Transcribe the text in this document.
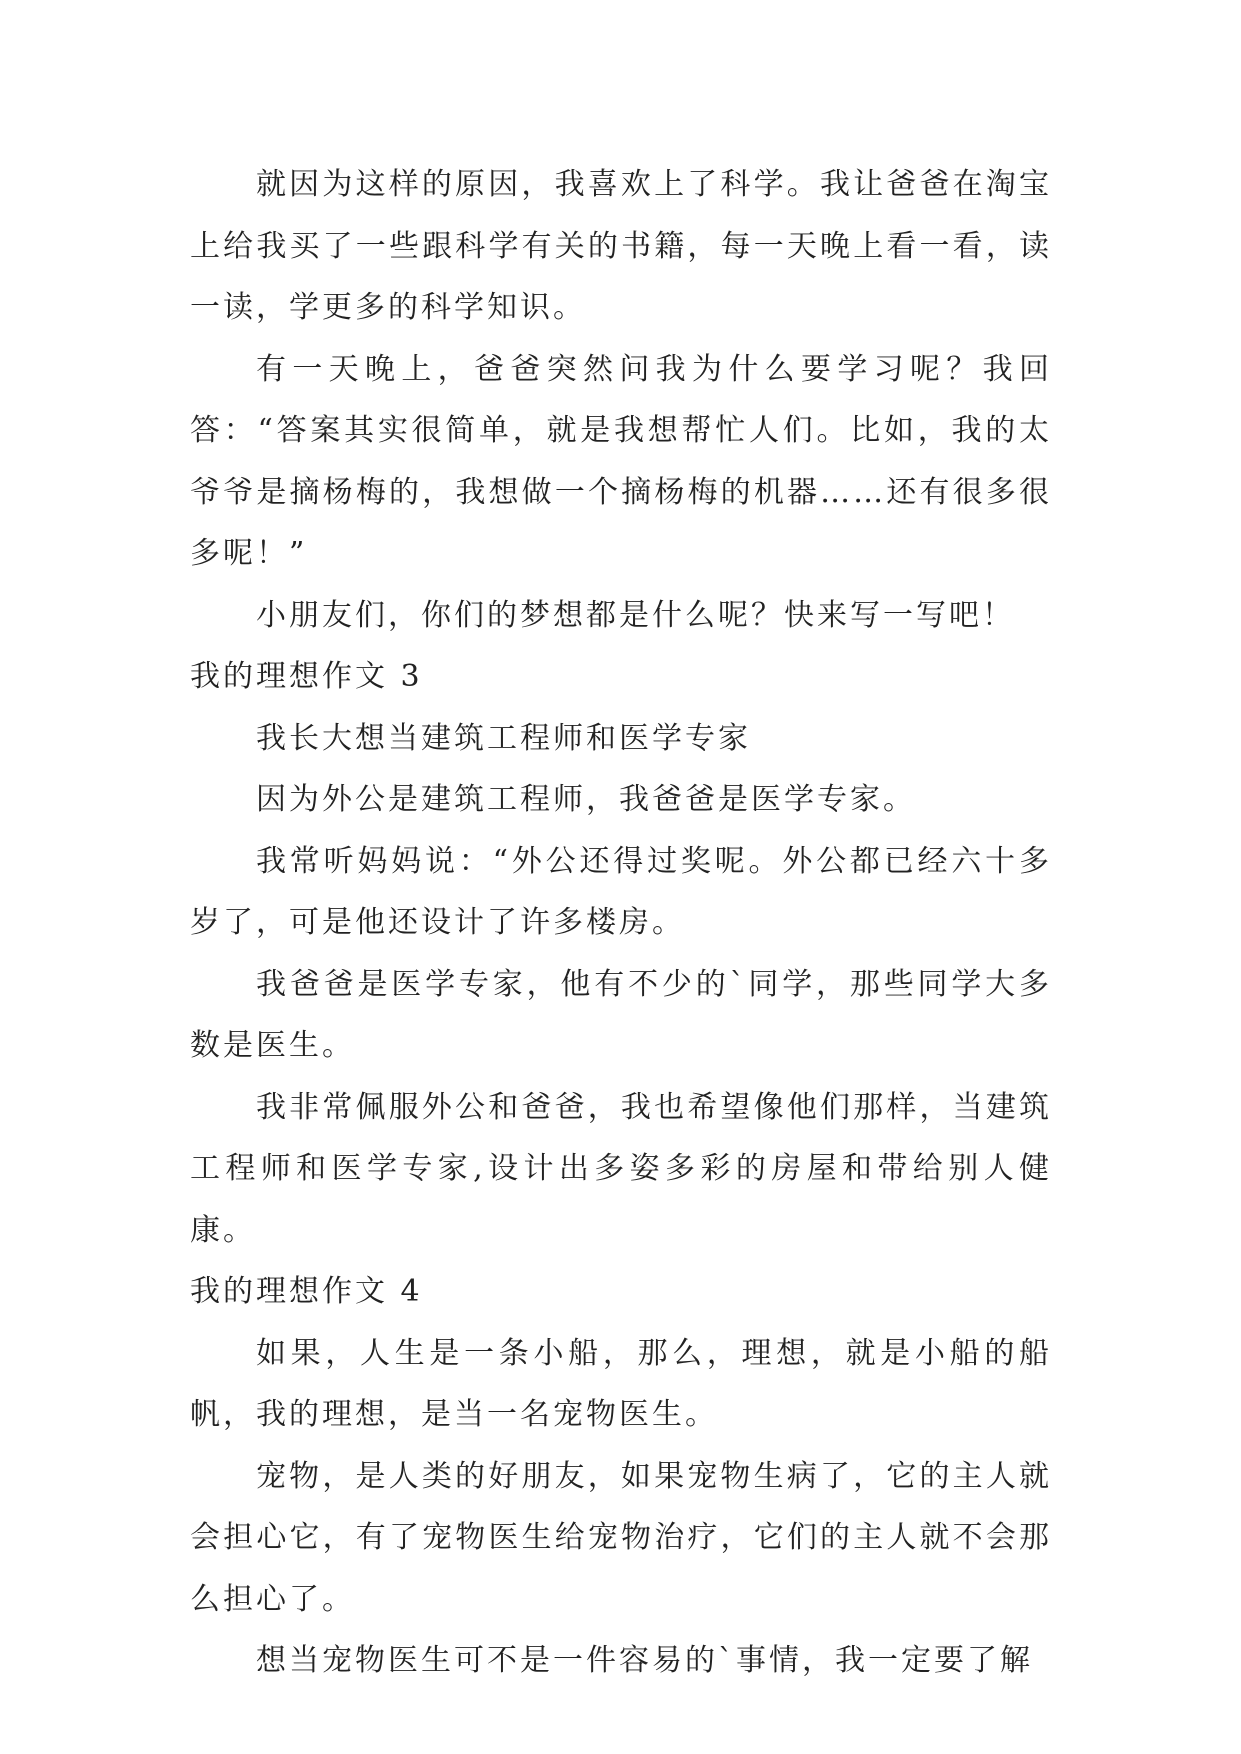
就因为这样的原因，我喜欢上了科学。我让爸爸在淘宝上给我买了一些跟科学有关的书籍，每一天晚上看一看，读一读，学更多的科学知识。

有一天晚上，爸爸突然问我为什么要学习呢？我回答：“答案其实很简单，就是我想帮忙人们。比如，我的太爷爷是摘杨梅的，我想做一个摘杨梅的机器……还有很多很多呢！”

小朋友们，你们的梦想都是什么呢？快来写一写吧！

我的理想作文 3

我长大想当建筑工程师和医学专家

因为外公是建筑工程师，我爸爸是医学专家。

我常听妈妈说：“外公还得过奖呢。外公都已经六十多岁了，可是他还设计了许多楼房。

我爸爸是医学专家，他有不少的`同学，那些同学大多数是医生。

我非常佩服外公和爸爸，我也希望像他们那样，当建筑工程师和医学专家,设计出多姿多彩的房屋和带给别人健康。

我的理想作文 4

如果，人生是一条小船，那么，理想，就是小船的船帆，我的理想，是当一名宠物医生。

宠物，是人类的好朋友，如果宠物生病了，它的主人就会担心它，有了宠物医生给宠物治疗，它们的主人就不会那么担心了。

想当宠物医生可不是一件容易的`事情，我一定要了解
